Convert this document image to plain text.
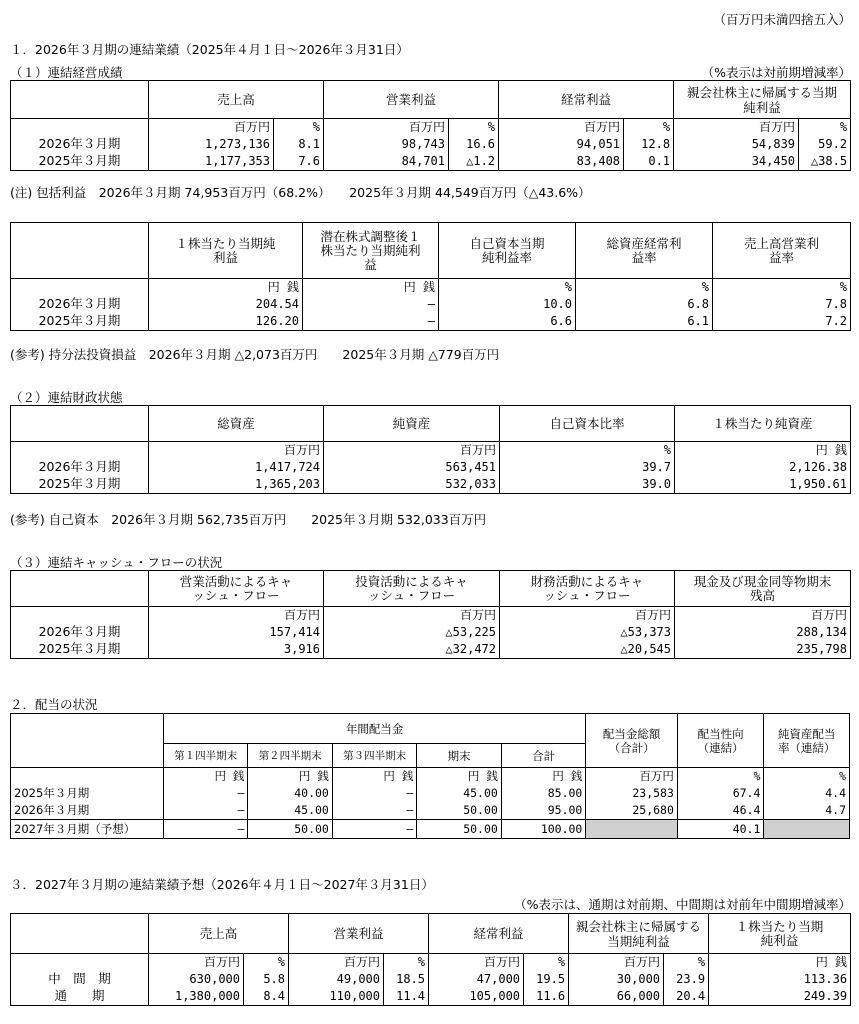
（百万円未満四捨五入）
１．2026年３月期の連結業績（2025年４月１日～2026年３月31日）
（１）連結経営成績	（%表示は対前期増減率）
	売上高		営業利益		経常利益		親会社株主に帰属する当期純利益	
	百万円	%	百万円	%	百万円	%	百万円	%
2026年３月期	1,273,136	8.1	98,743	16.6	94,051	12.8	54,839	59.2
2025年３月期	1,177,353	7.6	84,701	△1.2	83,408	0.1	34,450	△38.5
(注) 包括利益　2026年３月期 74,953百万円（68.2%）　　2025年３月期 44,549百万円（△43.6%）
	１株当たり当期純利益	潜在株式調整後１株当たり当期純利益	自己資本当期純利益率	総資産経常利益率	売上高営業利益率
	円 銭	円 銭	%	%	%
2026年３月期	204.54	―	10.0	6.8	7.8
2025年３月期	126.20	―	6.6	6.1	7.2
(参考) 持分法投資損益　2026年３月期 △2,073百万円　　2025年３月期 △779百万円
（２）連結財政状態
	総資産	純資産	自己資本比率	１株当たり純資産
	百万円	百万円	%	円 銭
2026年３月期	1,417,724	563,451	39.7	2,126.38
2025年３月期	1,365,203	532,033	39.0	1,950.61
(参考) 自己資本　2026年３月期 562,735百万円　　2025年３月期 532,033百万円
（３）連結キャッシュ・フローの状況
	営業活動によるキャッシュ・フロー	投資活動によるキャッシュ・フロー	財務活動によるキャッシュ・フロー	現金及び現金同等物期末残高
	百万円	百万円	百万円	百万円
2026年３月期	157,414	△53,225	△53,373	288,134
2025年３月期	3,916	△32,472	△20,545	235,798
２．配当の状況
	年間配当金					配当金総額（合計）	配当性向（連結）	純資産配当率（連結）
	第１四半期末	第２四半期末	第３四半期末	期末	合計			
	円 銭	円 銭	円 銭	円 銭	円 銭	百万円	%	%
2025年３月期	―	40.00	―	45.00	85.00	23,583	67.4	4.4
2026年３月期	―	45.00	―	50.00	95.00	25,680	46.4	4.7
2027年３月期（予想）	―	50.00	―	50.00	100.00		40.1	
３．2027年３月期の連結業績予想（2026年４月１日～2027年３月31日）
（%表示は、通期は対前期、中間期は対前年中間期増減率）
	売上高		営業利益		経常利益		親会社株主に帰属する当期純利益		１株当たり当期純利益
	百万円	%	百万円	%	百万円	%	百万円	%	円 銭
中　間　期	630,000	5.8	49,000	18.5	47,000	19.5	30,000	23.9	113.36
通　　期	1,380,000	8.4	110,000	11.4	105,000	11.6	66,000	20.4	249.39
